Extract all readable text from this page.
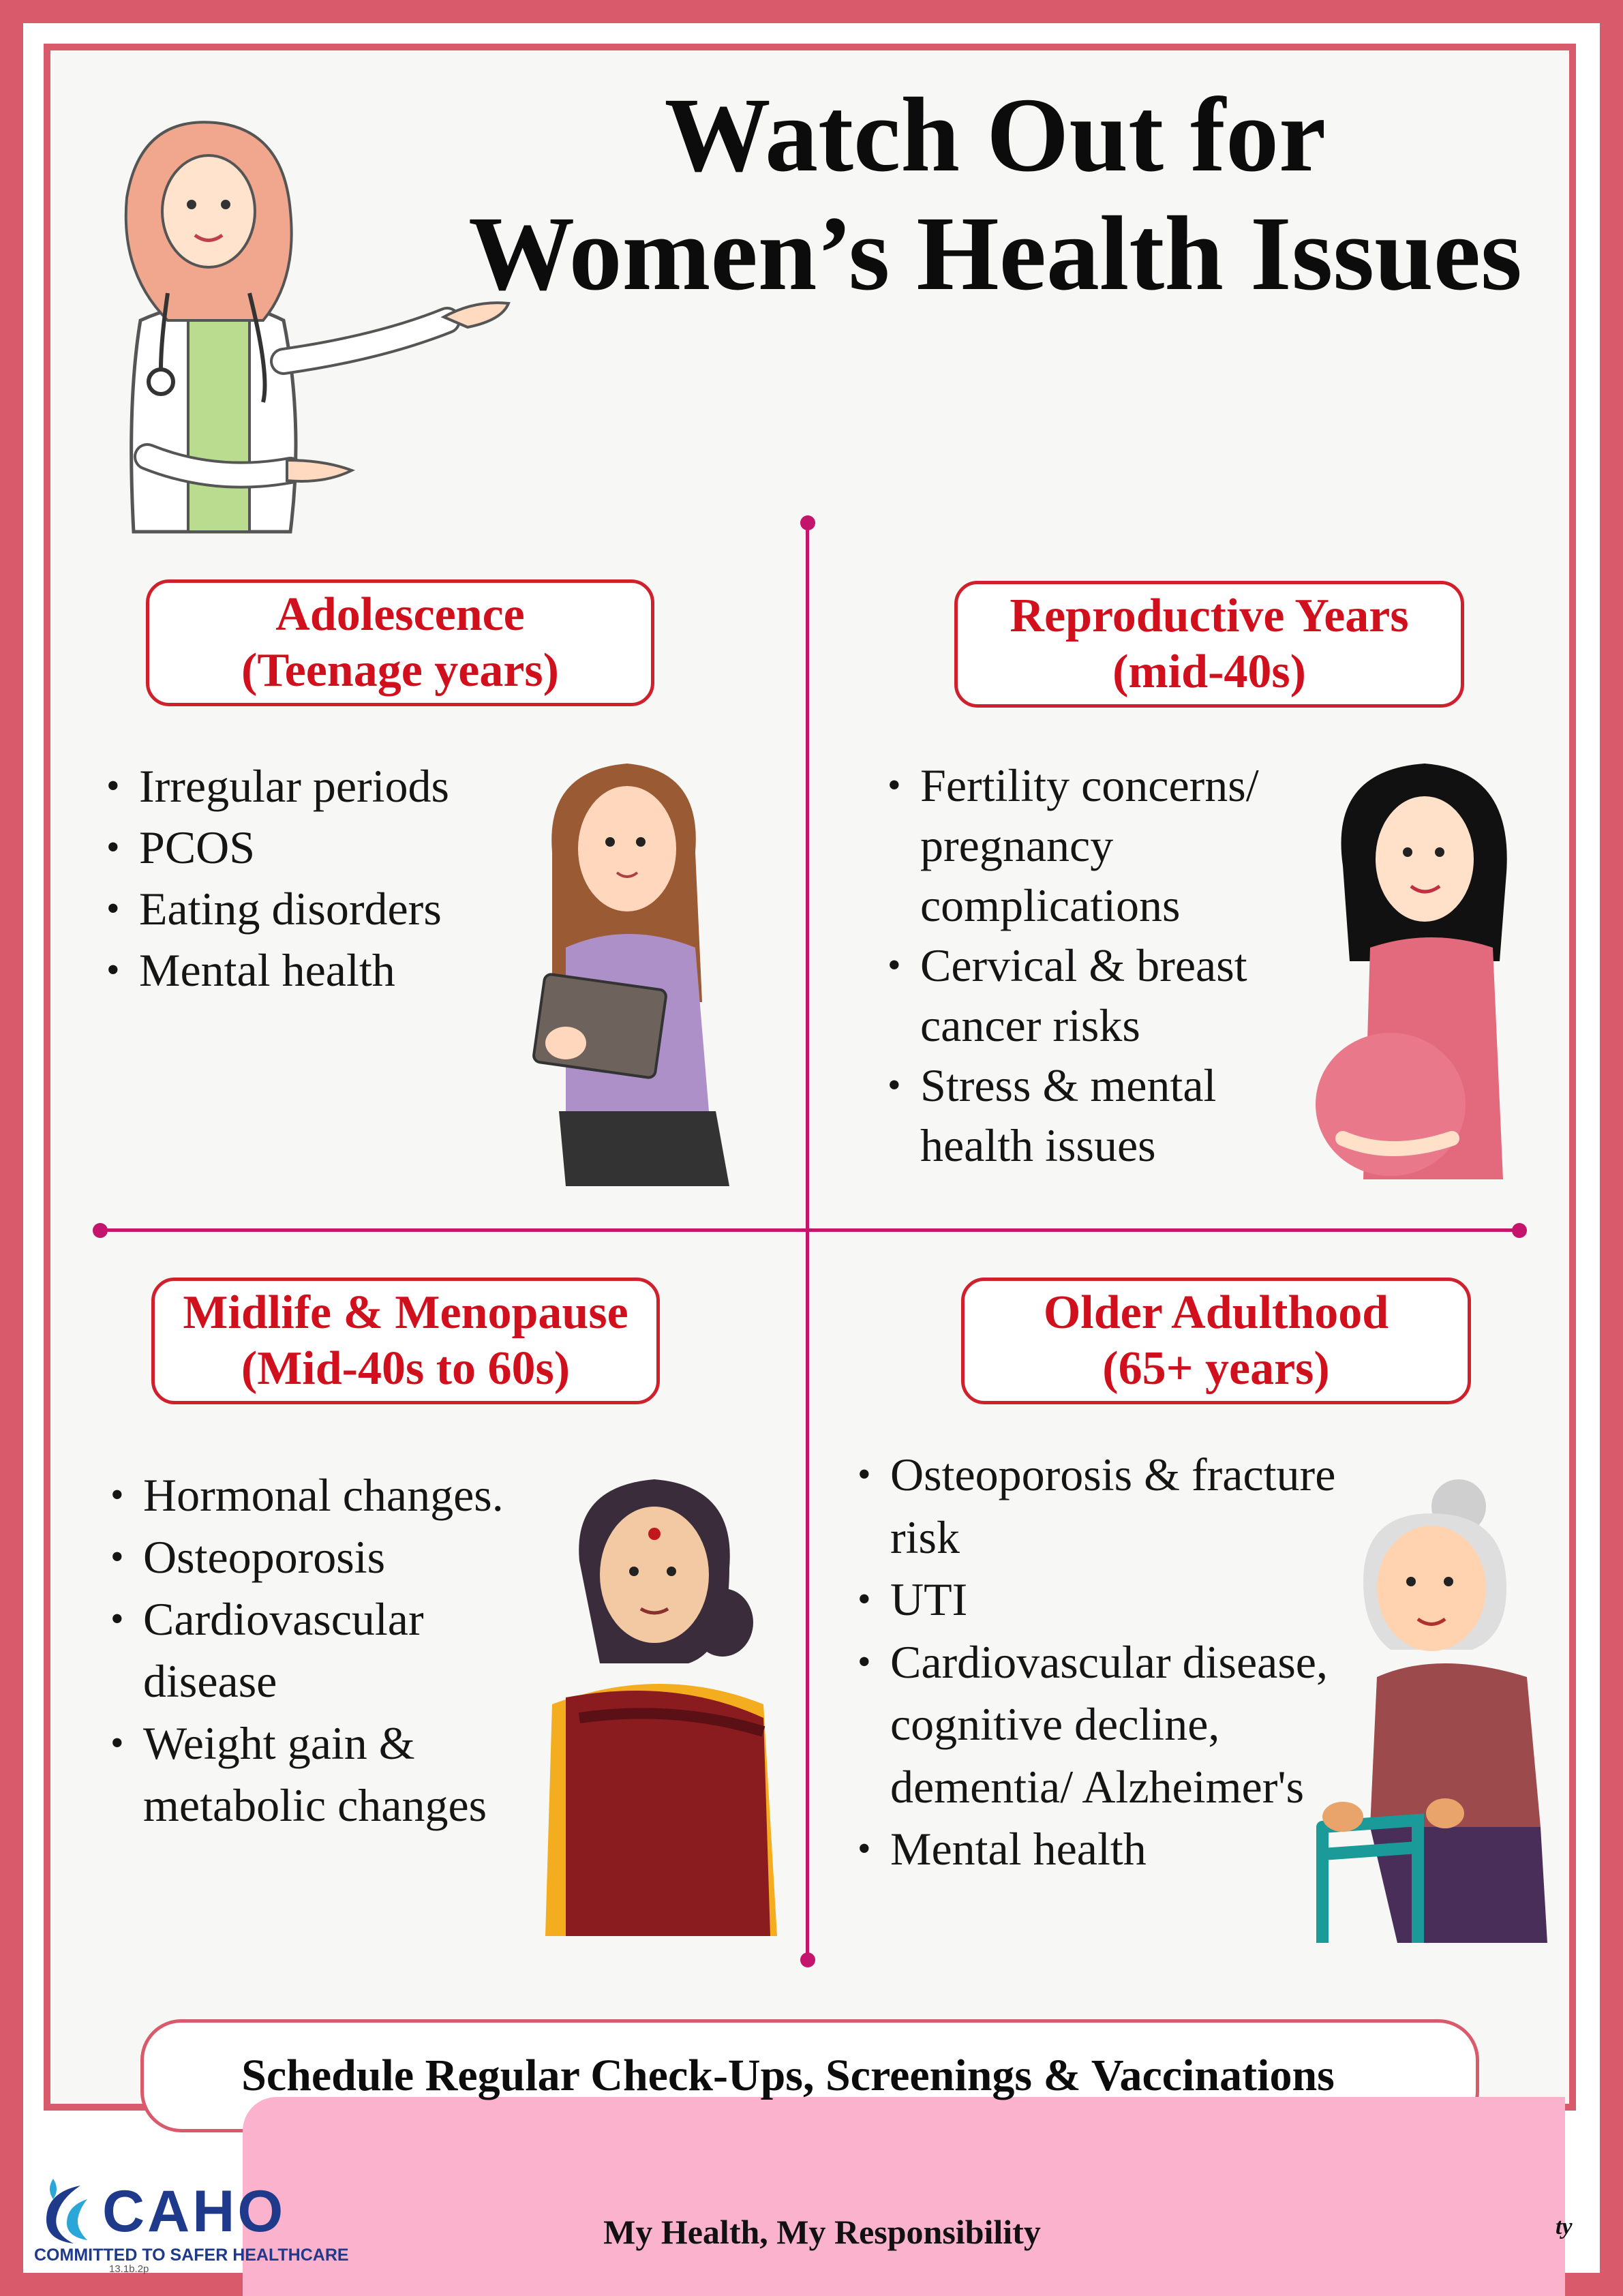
Watch Out for
Women’s Health Issues
Adolescence
(Teenage years)
• Irregular periods
• PCOS
• Eating disorders
• Mental health
Reproductive Years
(mid-40s)
• Fertility concerns/ pregnancy complications
• Cervical & breast cancer risks
• Stress & mental health issues
Midlife & Menopause
(Mid-40s to 60s)
• Hormonal changes.
• Osteoporosis
• Cardiovascular disease
• Weight gain & metabolic changes
Older Adulthood
(65+ years)
• Osteoporosis & fracture risk
• UTI
• Cardiovascular disease, cognitive decline, dementia/ Alzheimer's
• Mental health
Schedule Regular Check-Ups, Screenings & Vaccinations
My Health, My Responsibility	ty
CAHO
COMMITTED TO SAFER HEALTHCARE
13.1b.2p
